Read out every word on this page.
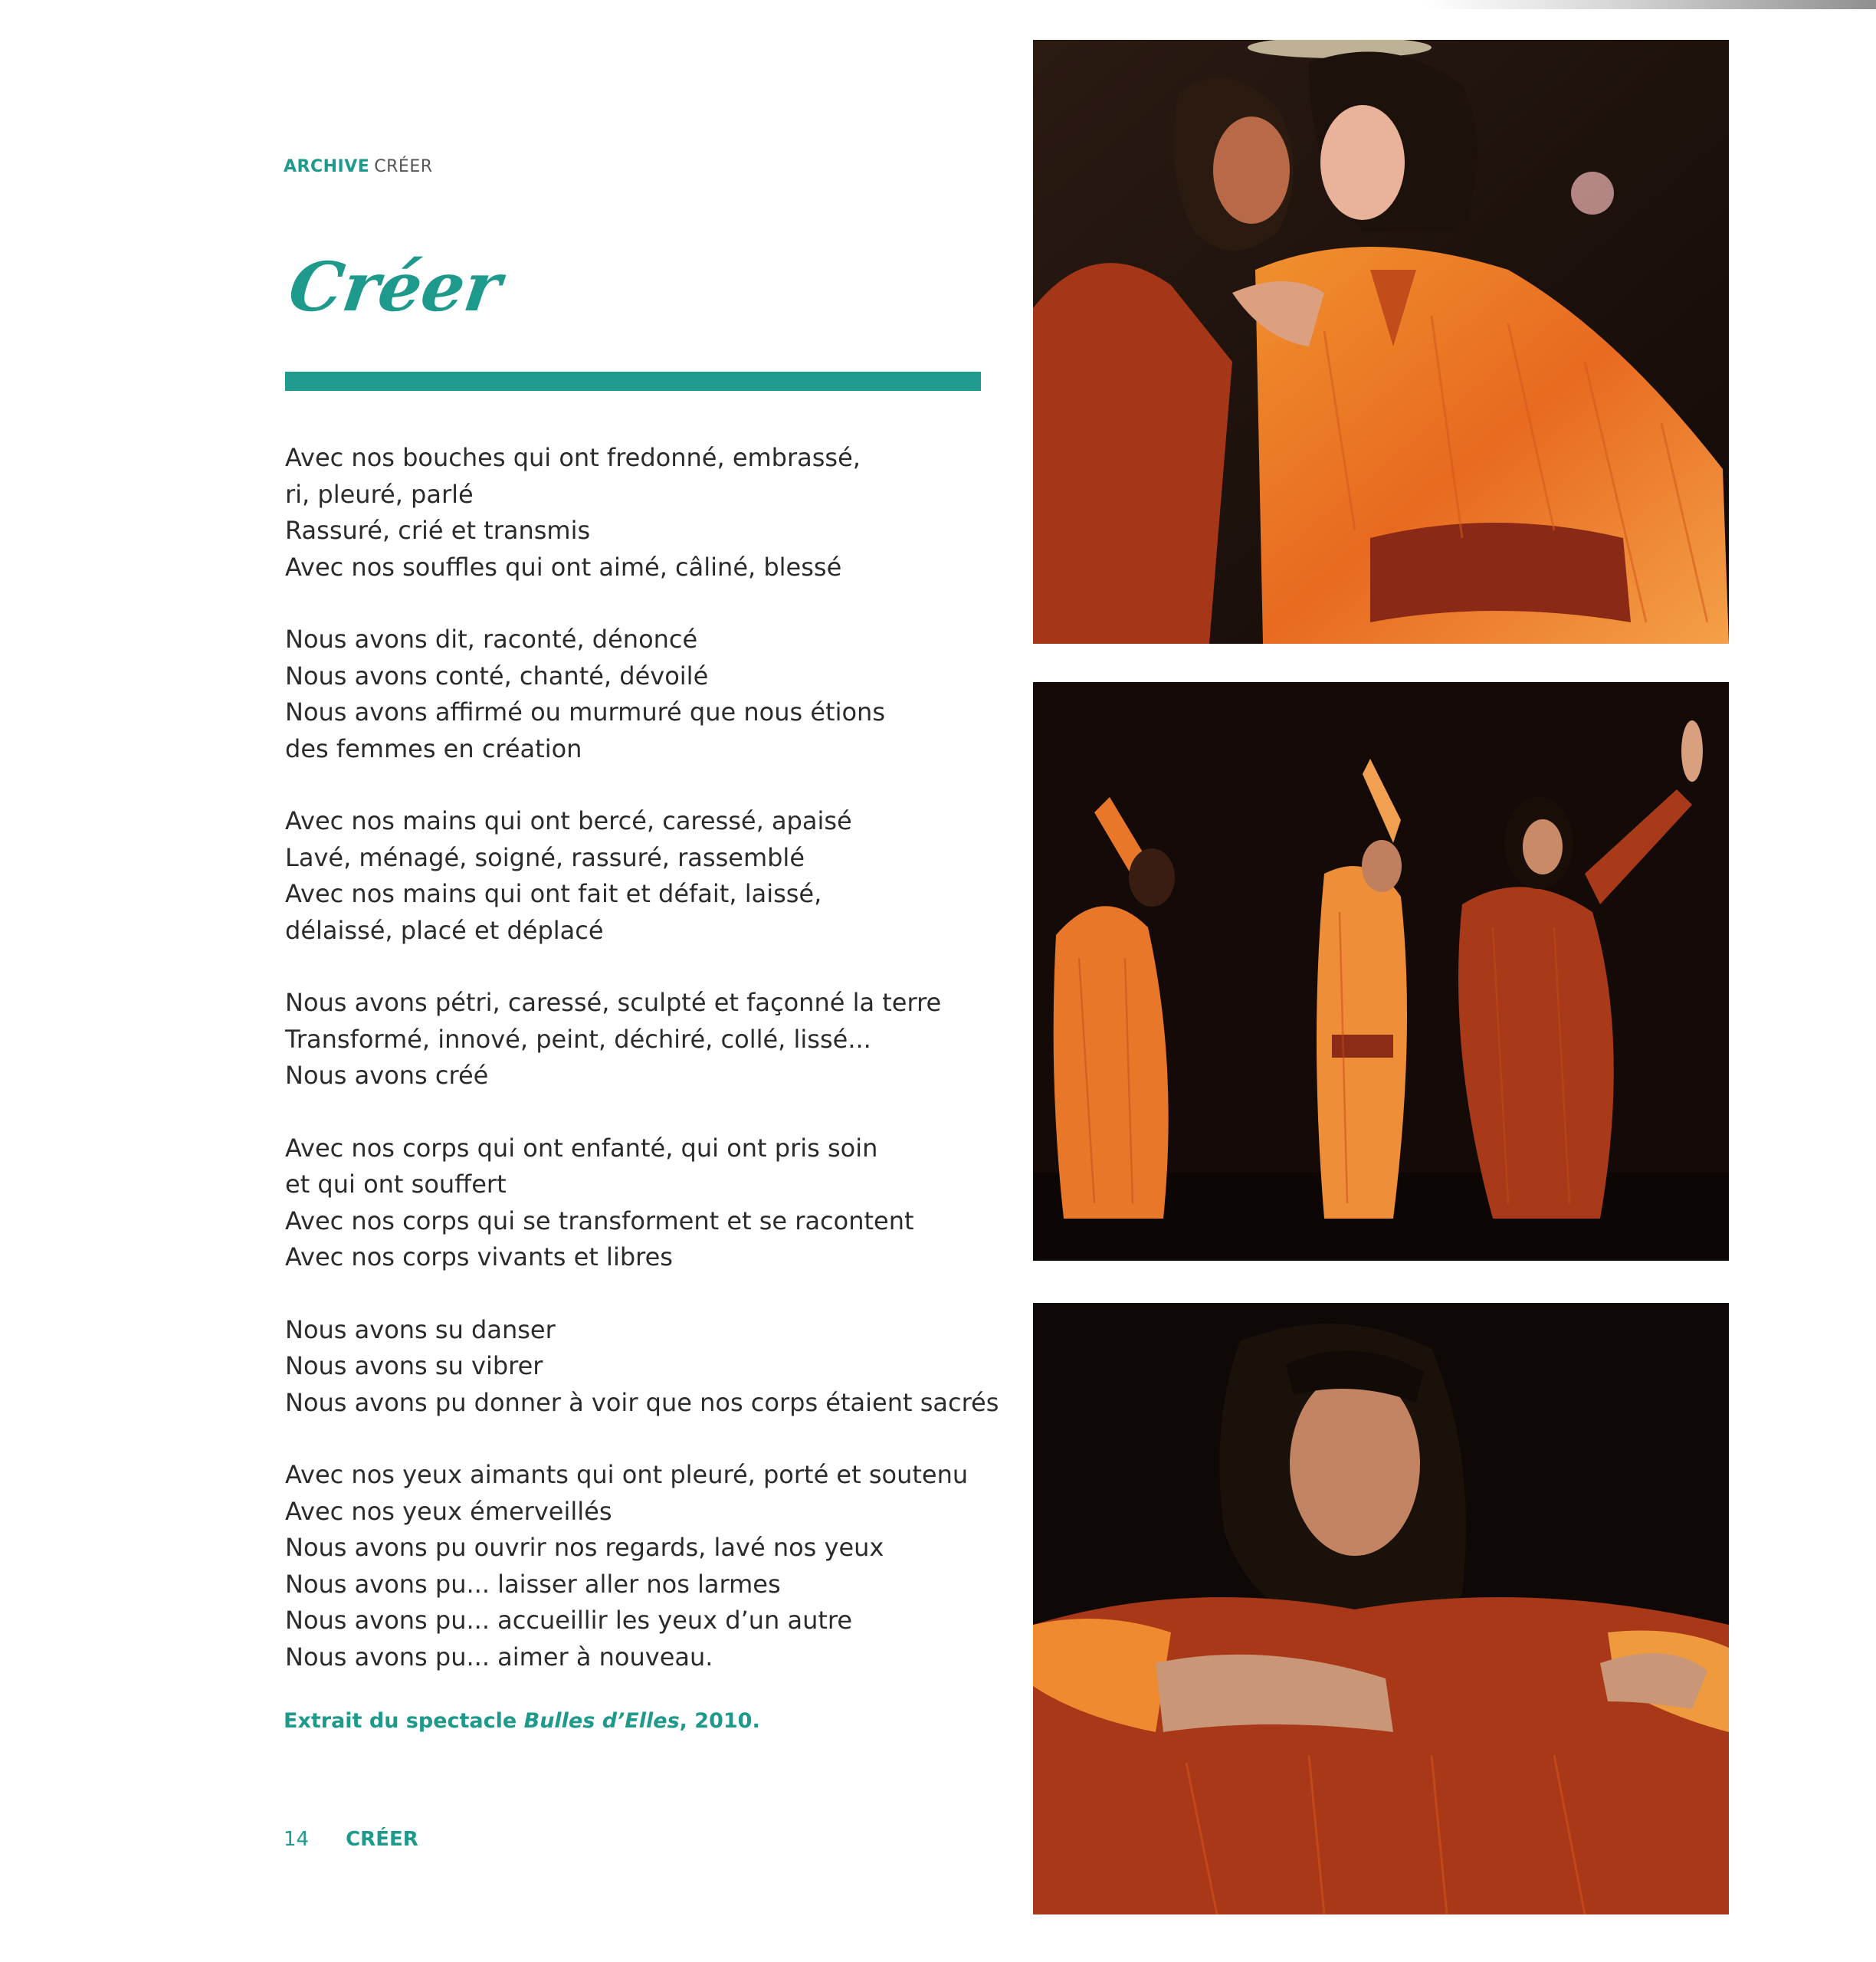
ARCHIVE CRÉER
Créer
Avec nos bouches qui ont fredonné, embrassé,
ri, pleuré, parlé
Rassuré, crié et transmis
Avec nos souffles qui ont aimé, câliné, blessé
Nous avons dit, raconté, dénoncé
Nous avons conté, chanté, dévoilé
Nous avons affirmé ou murmuré que nous étions
des femmes en création
Avec nos mains qui ont bercé, caressé, apaisé
Lavé, ménagé, soigné, rassuré, rassemblé
Avec nos mains qui ont fait et défait, laissé,
délaissé, placé et déplacé
Nous avons pétri, caressé, sculpté et façonné la terre
Transformé, innové, peint, déchiré, collé, lissé...
Nous avons créé
Avec nos corps qui ont enfanté, qui ont pris soin
et qui ont souffert
Avec nos corps qui se transforment et se racontent
Avec nos corps vivants et libres
Nous avons su danser
Nous avons su vibrer
Nous avons pu donner à voir que nos corps étaient sacrés
Avec nos yeux aimants qui ont pleuré, porté et soutenu
Avec nos yeux émerveillés
Nous avons pu ouvrir nos regards, lavé nos yeux
Nous avons pu... laisser aller nos larmes
Nous avons pu... accueillir les yeux d’un autre
Nous avons pu... aimer à nouveau.
Extrait du spectacle Bulles d’Elles, 2010.
14 CRÉER
